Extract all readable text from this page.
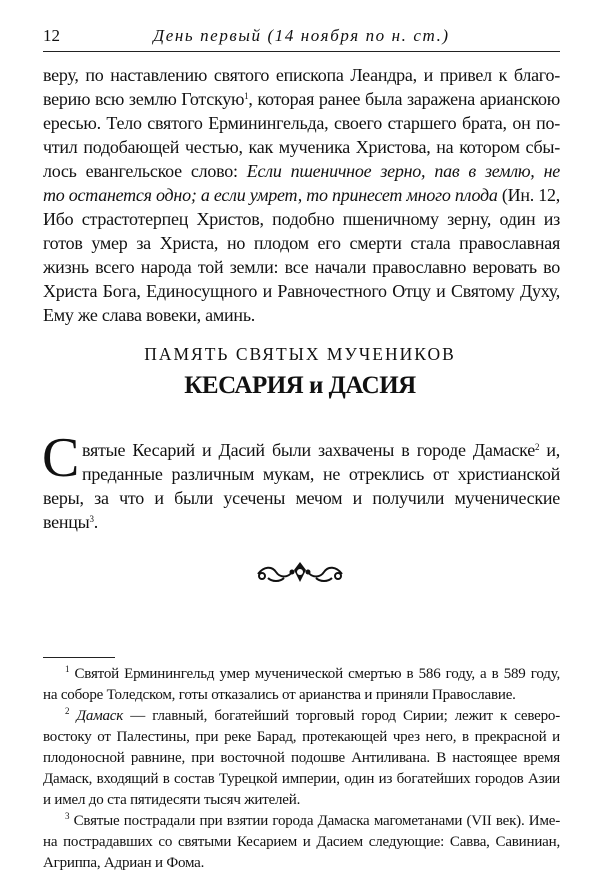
12	День первый (14 ноября по н. ст.)
веру, по наставлению святого епископа Леандра, и привел к благо-
верию всю землю Готскую$^1$, которая ранее была заражена арианскою
ересью. Тело святого Ерминингельда, своего старшего брата, он по-
чтил подобающей честью, как мученика Христова, на котором сбы-
лось евангельское слово: Если пшеничное зерно, пав в землю, не
то останется одно; а если умрет, то принесет много плода (Ин. 12,
Ибо страстотерпец Христов, подобно пшеничному зерну, один из
готов умер за Христа, но плодом его смерти стала православная
жизнь всего народа той земли: все начали православно веровать во
Христа Бога, Единосущного и Равночестного Отцу и Святому Духу,
Ему же слава вовеки, аминь.
ПАМЯТЬ СВЯТЫХ МУЧЕНИКОВ
КЕСАРИЯ и ДАСИЯ
С вятые Кесарий и Дасий были захвачены в городе Дамаске$^2$ и,
преданные различным мукам, не отреклись от христианской
веры, за что и были усечены мечом и получили мученические
венцы$^3$.
$^1$ Святой Ерминингельд умер мученической смертью в 586 году, а в 589 году,
на соборе Толедском, готы отказались от арианства и приняли Православие.
$^2$ Дамаск — главный, богатейший торговый город Сирии; лежит к северо-
востоку от Палестины, при реке Барад, протекающей чрез него, в прекрасной и
плодоносной равнине, при восточной подошве Антиливана. В настоящее время
Дамаск, входящий в состав Турецкой империи, один из богатейших городов Азии
и имел до ста пятидесяти тысяч жителей.
$^3$ Святые пострадали при взятии города Дамаска магометанами (VII век). Име-
на пострадавших со святыми Кесарием и Дасием следующие: Савва, Савиниан,
Агриппа, Адриан и Фома.
